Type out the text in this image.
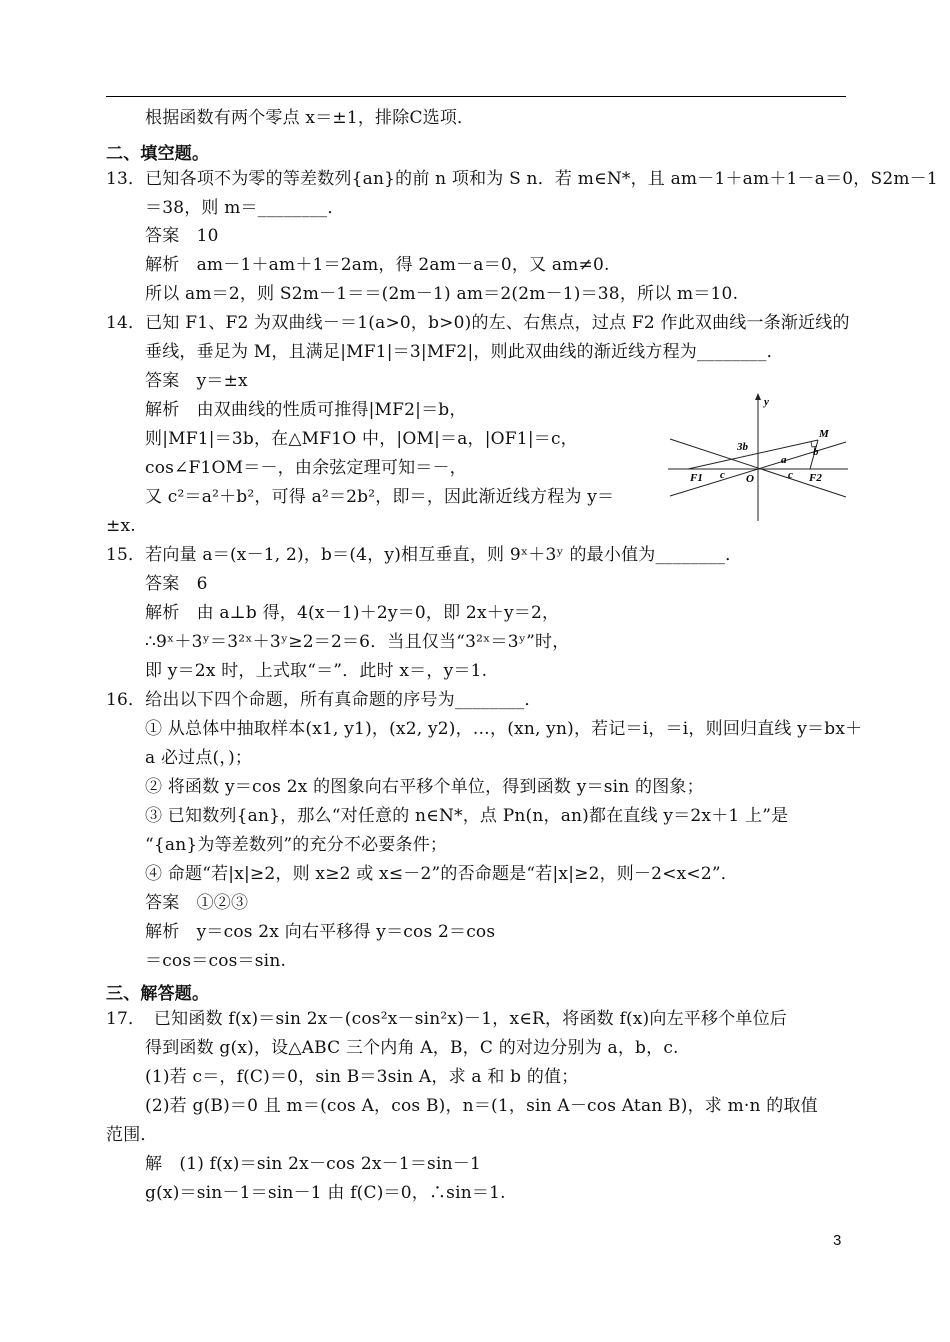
根据函数有两个零点 x＝±1，排除C选项．
二、填空题。
13．已知各项不为零的等差数列{an}的前 n 项和为 S n．若 m∈N*，且 am－1＋am＋1－a＝0，S2m－1
＝38，则 m＝________．
答案　10
解析　am－1＋am＋1＝2am，得 2am－a＝0，又 am≠0.
所以 am＝2，则 S2m－1＝＝(2m－1) am＝2(2m－1)＝38，所以 m＝10.
14．已知 F1、F2 为双曲线－＝1(a>0，b>0)的左、右焦点，过点 F2 作此双曲线一条渐近线的
垂线，垂足为 M，且满足|MF1|＝3|MF2|，则此双曲线的渐近线方程为________．
答案　y＝±x
解析　由双曲线的性质可推得|MF2|＝b，
则|MF1|＝3b，在△MF1O 中，|OM|＝a，|OF1|＝c，
cos∠F1OM＝－，由余弦定理可知＝－，
又 c²＝a²＋b²，可得 a²＝2b²，即＝，因此渐近线方程为 y＝
±x.
y
M
3b	b
a
c	c
F1	O	F2
15．若向量 a＝(x－1, 2)，b＝(4，y)相互垂直，则 9ˣ＋3ʸ 的最小值为________．
答案　6
解析　由 a⊥b 得，4(x－1)＋2y＝0，即 2x＋y＝2，
∴9ˣ＋3ʸ＝3²ˣ＋3ʸ≥2＝2＝6．当且仅当“3²ˣ＝3ʸ”时，
即 y＝2x 时，上式取“＝”．此时 x＝，y＝1.
16．给出以下四个命题，所有真命题的序号为________．
① 从总体中抽取样本(x1, y1)，(x2, y2)，…，(xn, yn)，若记＝i，＝i，则回归直线 y＝bx＋
a 必过点(，)；
② 将函数 y＝cos 2x 的图象向右平移个单位，得到函数 y＝sin 的图象；
③ 已知数列{an}，那么“对任意的 n∈N*，点 Pn(n，an)都在直线 y＝2x＋1 上”是
“{an}为等差数列”的充分不必要条件；
④ 命题“若|x|≥2，则 x≥2 或 x≤－2”的否命题是“若|x|≥2，则－2<x<2”．
答案　①②③
解析　y＝cos 2x 向右平移得 y＝cos 2＝cos
＝cos＝cos＝sin.
三、解答题。
17．　已知函数 f(x)＝sin 2x－(cos²x－sin²x)－1，x∈R，将函数 f(x)向左平移个单位后
得到函数 g(x)，设△ABC 三个内角 A，B，C 的对边分别为 a，b，c.
(1)若 c＝，f(C)＝0，sin B＝3sin A，求 a 和 b 的值；
(2)若 g(B)＝0 且 m＝(cos A，cos B)，n＝(1，sin A－cos Atan B)，求 m·n 的取值
范围．
解　(1) f(x)＝sin 2x－cos 2x－1＝sin－1
g(x)＝sin－1＝sin－1 由 f(C)＝0，∴sin＝1.
3
